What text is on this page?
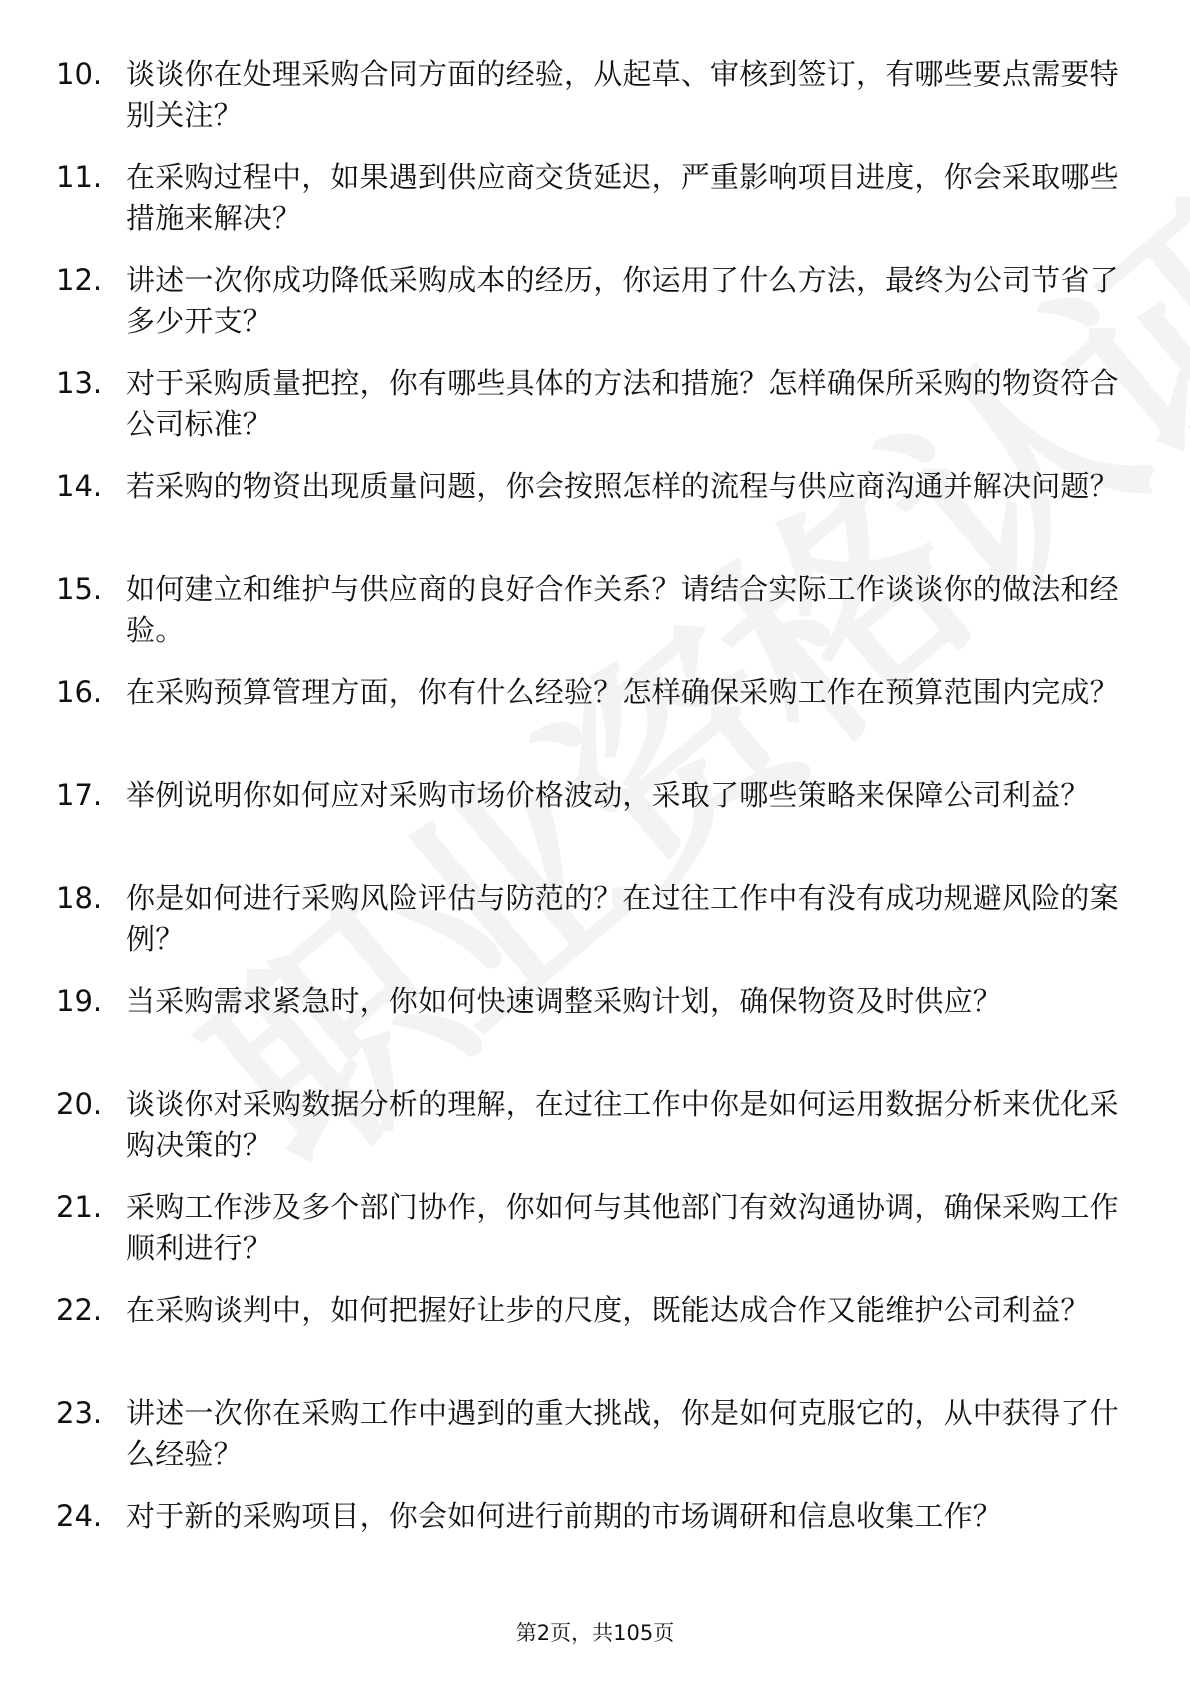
10. 谈谈你在处理采购合同方面的经验，从起草、审核到签订，有哪些要点需要特别关注？
11. 在采购过程中，如果遇到供应商交货延迟，严重影响项目进度，你会采取哪些措施来解决？
12. 讲述一次你成功降低采购成本的经历，你运用了什么方法，最终为公司节省了多少开支？
13. 对于采购质量把控，你有哪些具体的方法和措施？怎样确保所采购的物资符合公司标准？
14. 若采购的物资出现质量问题，你会按照怎样的流程与供应商沟通并解决问题？
15. 如何建立和维护与供应商的良好合作关系？请结合实际工作谈谈你的做法和经验。
16. 在采购预算管理方面，你有什么经验？怎样确保采购工作在预算范围内完成？
17. 举例说明你如何应对采购市场价格波动，采取了哪些策略来保障公司利益？
18. 你是如何进行采购风险评估与防范的？在过往工作中有没有成功规避风险的案例？
19. 当采购需求紧急时，你如何快速调整采购计划，确保物资及时供应？
20. 谈谈你对采购数据分析的理解，在过往工作中你是如何运用数据分析来优化采购决策的？
21. 采购工作涉及多个部门协作，你如何与其他部门有效沟通协调，确保采购工作顺利进行？
22. 在采购谈判中，如何把握好让步的尺度，既能达成合作又能维护公司利益？
23. 讲述一次你在采购工作中遇到的重大挑战，你是如何克服它的，从中获得了什么经验？
24. 对于新的采购项目，你会如何进行前期的市场调研和信息收集工作？
第2页，共105页
